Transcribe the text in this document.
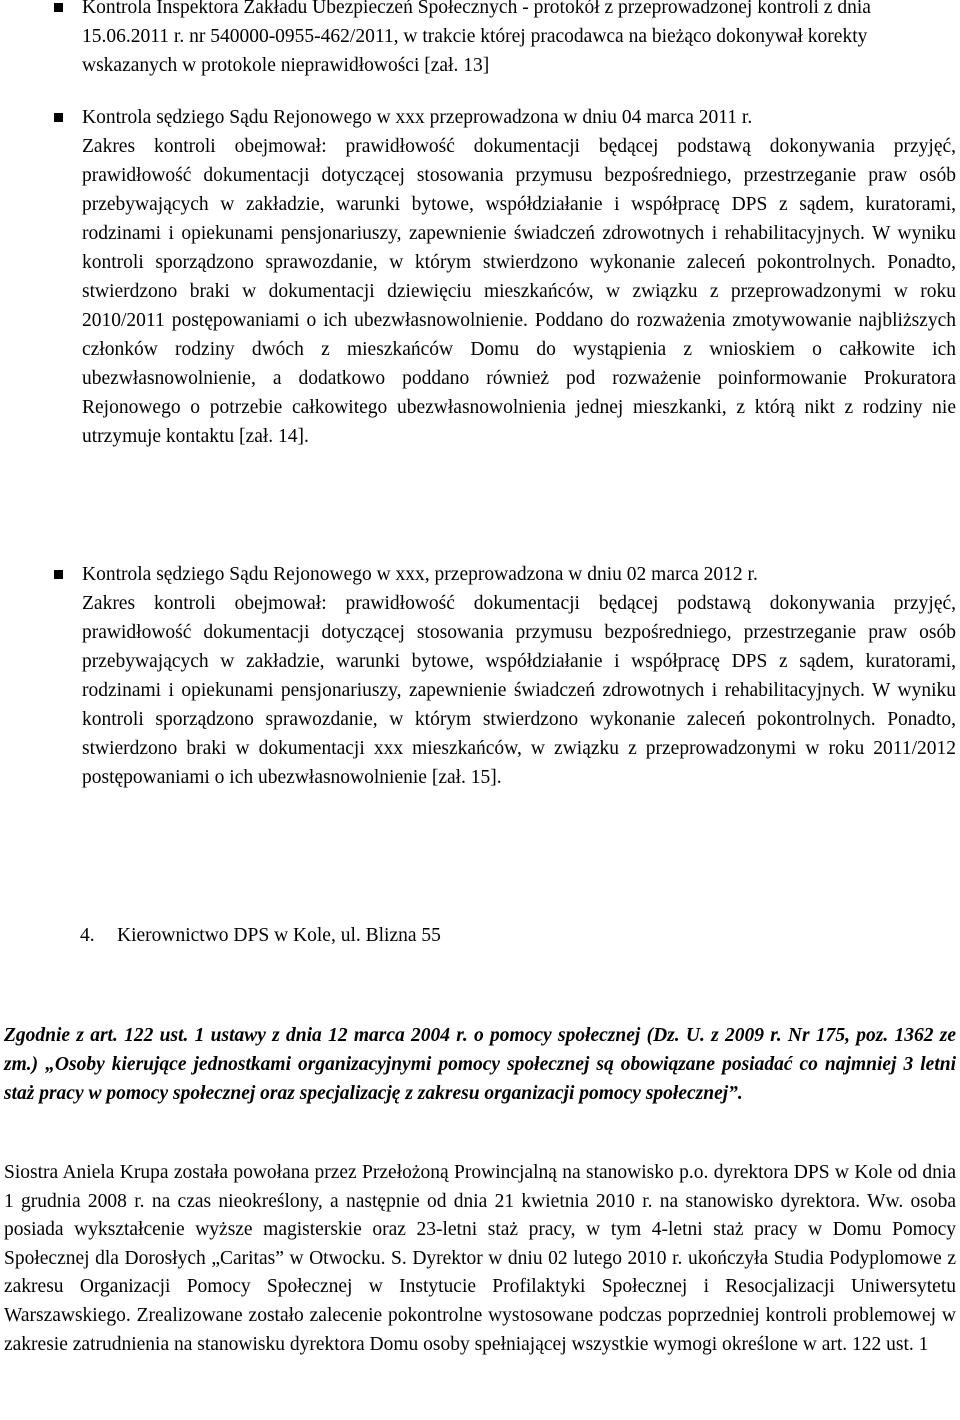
Kontrola Inspektora Zakładu Ubezpieczeń Społecznych - protokół z przeprowadzonej kontroli z dnia 15.06.2011 r. nr 540000-0955-462/2011, w trakcie której pracodawca na bieżąco dokonywał korekty wskazanych w protokole nieprawidłowości [zał. 13]

Kontrola sędziego Sądu Rejonowego w xxx przeprowadzona w dniu 04 marca 2011 r.

Zakres kontroli obejmował: prawidłowość dokumentacji będącej podstawą dokonywania przyjęć, prawidłowość dokumentacji dotyczącej stosowania przymusu bezpośredniego, przestrzeganie praw osób przebywających w zakładzie, warunki bytowe, współdziałanie i współpracę DPS z sądem, kuratorami, rodzinami i opiekunami pensjonariuszy, zapewnienie świadczeń zdrowotnych i rehabilitacyjnych. W wyniku kontroli sporządzono sprawozdanie, w którym stwierdzono wykonanie zaleceń pokontrolnych. Ponadto, stwierdzono braki w dokumentacji dziewięciu mieszkańców, w związku z przeprowadzonymi w roku 2010/2011 postępowaniami o ich ubezwłasnowolnienie. Poddano do rozważenia zmotywowanie najbliższych członków rodziny dwóch z mieszkańców Domu do wystąpienia z wnioskiem o całkowite ich ubezwłasnowolnienie, a dodatkowo poddano również pod rozważenie poinformowanie Prokuratora Rejonowego o potrzebie całkowitego ubezwłasnowolnienia jednej mieszkanki, z którą nikt z rodziny nie utrzymuje kontaktu [zał. 14].

Kontrola sędziego Sądu Rejonowego w xxx, przeprowadzona w dniu 02 marca 2012 r.

Zakres kontroli obejmował: prawidłowość dokumentacji będącej podstawą dokonywania przyjęć, prawidłowość dokumentacji dotyczącej stosowania przymusu bezpośredniego, przestrzeganie praw osób przebywających w zakładzie, warunki bytowe, współdziałanie i współpracę DPS z sądem, kuratorami, rodzinami i opiekunami pensjonariuszy, zapewnienie świadczeń zdrowotnych i rehabilitacyjnych. W wyniku kontroli sporządzono sprawozdanie, w którym stwierdzono wykonanie zaleceń pokontrolnych. Ponadto, stwierdzono braki w dokumentacji xxx mieszkańców, w związku z przeprowadzonymi w roku 2011/2012 postępowaniami o ich ubezwłasnowolnienie [zał. 15].

4. Kierownictwo DPS w Kole, ul. Blizna 55

Zgodnie z art. 122 ust. 1 ustawy z dnia 12 marca 2004 r. o pomocy społecznej (Dz. U. z 2009 r. Nr 175, poz. 1362 ze zm.) „Osoby kierujące jednostkami organizacyjnymi pomocy społecznej są obowiązane posiadać co najmniej 3 letni staż pracy w pomocy społecznej oraz specjalizację z zakresu organizacji pomocy społecznej”.

Siostra Aniela Krupa została powołana przez Przełożoną Prowincjalną na stanowisko p.o. dyrektora DPS w Kole od dnia 1 grudnia 2008 r. na czas nieokreślony, a następnie od dnia 21 kwietnia 2010 r. na stanowisko dyrektora. Ww. osoba posiada wykształcenie wyższe magisterskie oraz 23-letni staż pracy, w tym 4-letni staż pracy w Domu Pomocy Społecznej dla Dorosłych „Caritas” w Otwocku. S. Dyrektor w dniu 02 lutego 2010 r. ukończyła Studia Podyplomowe z zakresu Organizacji Pomocy Społecznej w Instytucie Profilaktyki Społecznej i Resocjalizacji Uniwersytetu Warszawskiego. Zrealizowane zostało zalecenie pokontrolne wystosowane podczas poprzedniej kontroli problemowej w zakresie zatrudnienia na stanowisku dyrektora Domu osoby spełniającej wszystkie wymogi określone w art. 122 ust. 1
